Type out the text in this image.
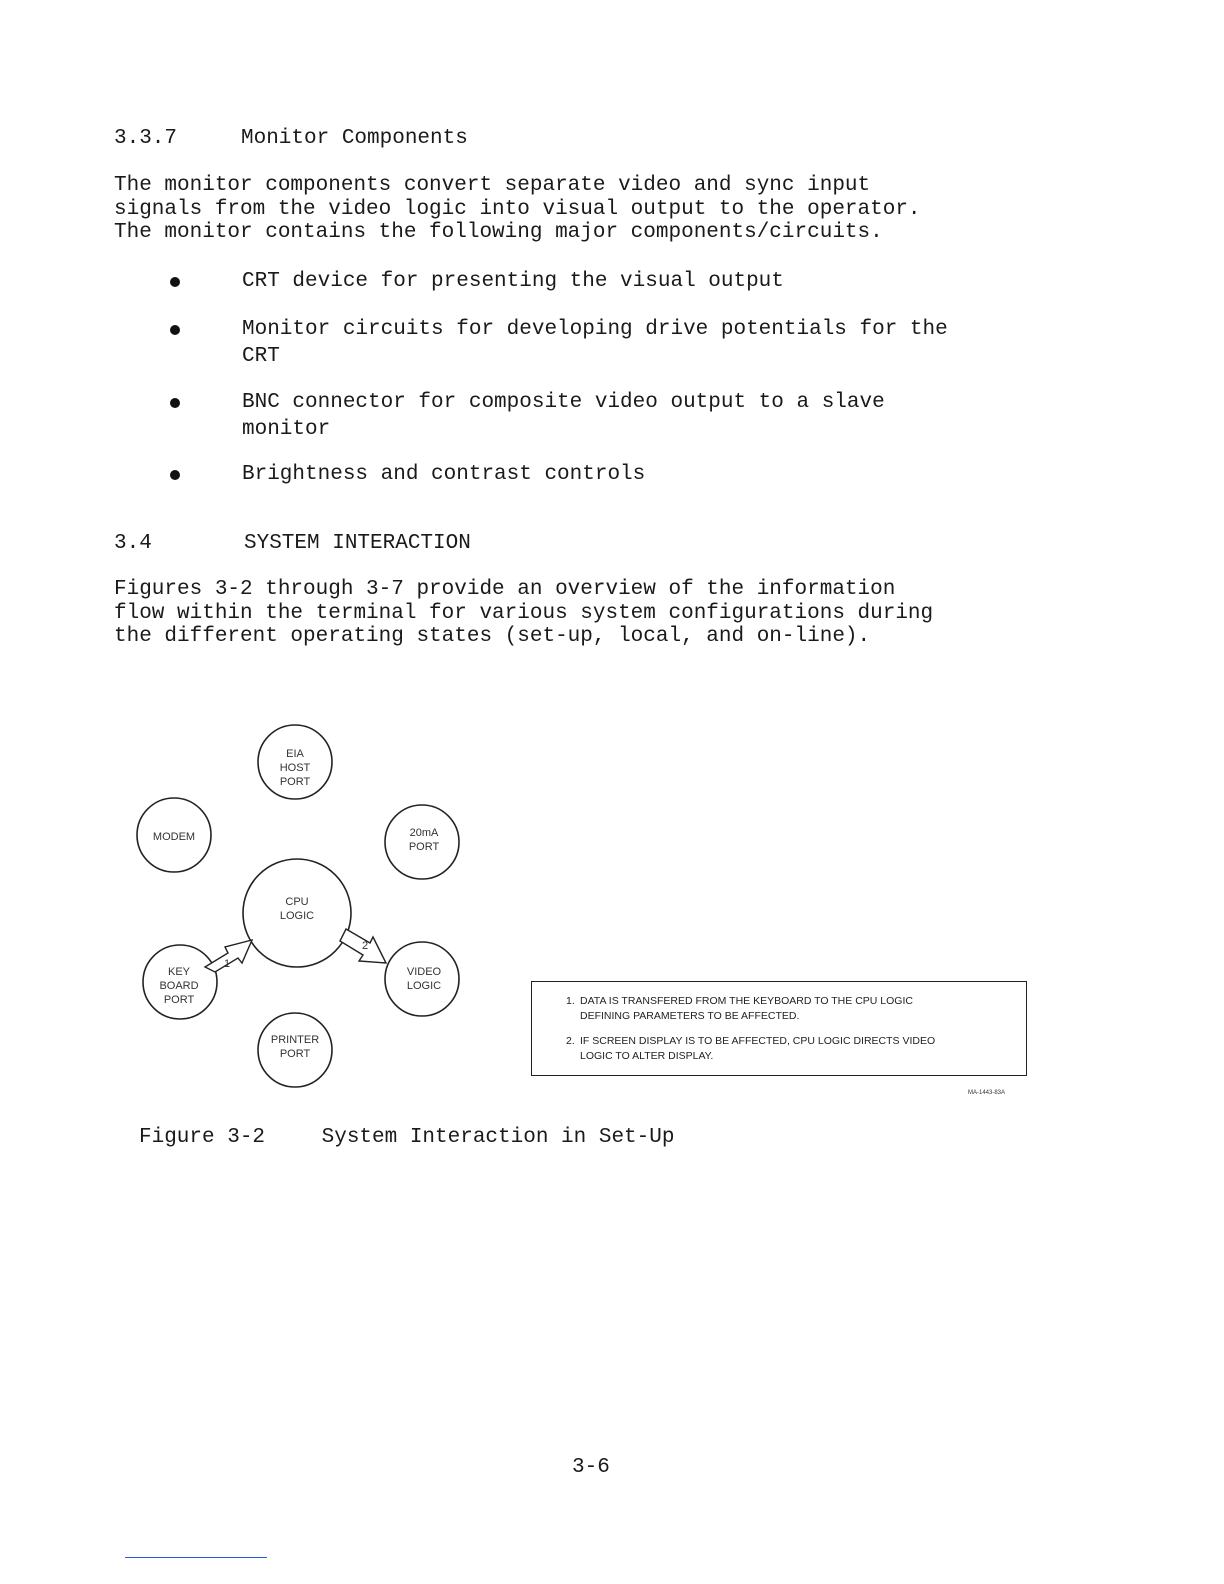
3.3.7	Monitor Components
The monitor components convert separate video and sync input
signals from the video logic into visual output to the operator.
The monitor contains the following major components/circuits.
CRT device for presenting the visual output
Monitor circuits for developing drive potentials for the
CRT
BNC connector for composite video output to a slave
monitor
Brightness and contrast controls
3.4	SYSTEM INTERACTION
Figures 3-2 through 3-7 provide an overview of the information
flow within the terminal for various system configurations during
the different operating states (set-up, local, and on-line).
1
2
EIA
HOST
PORT
MODEM	20mA
PORT
CPU
LOGIC
KEY
BOARD
PORT
VIDEO
LOGIC
PRINTER
PORT
1. DATA IS TRANSFERED FROM THE KEYBOARD TO THE CPU LOGIC
DEFINING PARAMETERS TO BE AFFECTED.
2. IF SCREEN DISPLAY IS TO BE AFFECTED, CPU LOGIC DIRECTS VIDEO
LOGIC TO ALTER DISPLAY.
MA-1443-83A
Figure 3-2	System Interaction in Set-Up
3-6
